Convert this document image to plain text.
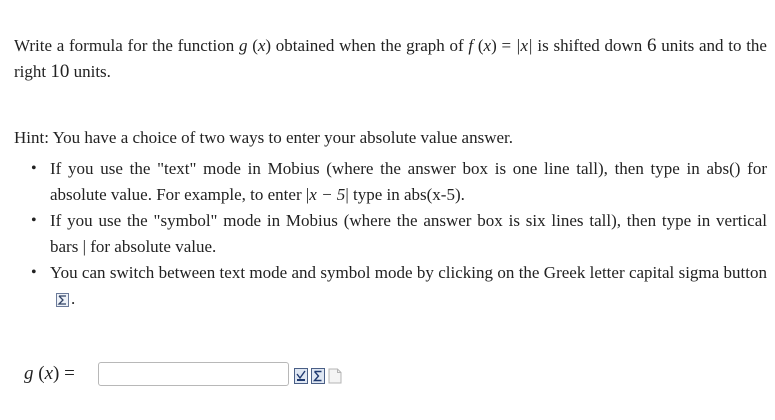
Write a formula for the function g (x) obtained when the graph of f (x) = |x| is shifted down 6 units and to the right 10 units.

Hint: You have a choice of two ways to enter your absolute value answer.

• If you use the "text" mode in Mobius (where the answer box is one line tall), then type in abs() for absolute value. For example, to enter |x − 5| type in abs(x-5).
• If you use the "symbol" mode in Mobius (where the answer box is six lines tall), then type in vertical bars | for absolute value.
• You can switch between text mode and symbol mode by clicking on the Greek letter capital sigma button.
g (x) =
